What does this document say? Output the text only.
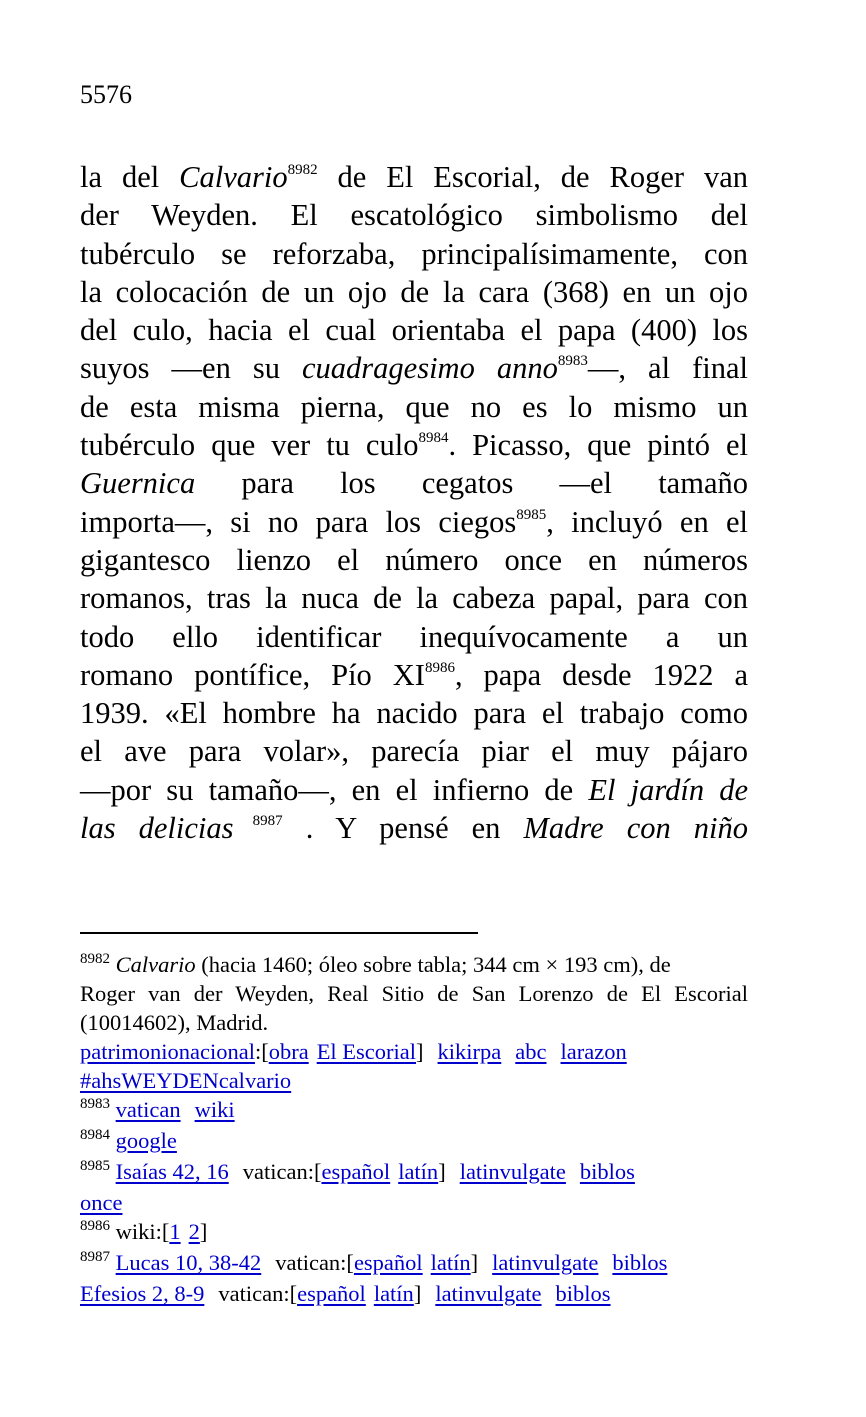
5576
la del Calvario$^{8982}$ de El Escorial, de Roger van
der Weyden. El escatológico simbolismo del
tubérculo se reforzaba, principalísimamente, con
la colocación de un ojo de la cara (368) en un ojo
del culo, hacia el cual orientaba el papa (400) los
suyos —en su cuadragesimo anno$^{8983}$—, al final
de esta misma pierna, que no es lo mismo un
tubérculo que ver tu culo$^{8984}$. Picasso, que pintó el
Guernica para los cegatos —el tamaño
importa—, si no para los ciegos$^{8985}$, incluyó en el
gigantesco lienzo el número once en números
romanos, tras la nuca de la cabeza papal, para con
todo ello identificar inequívocamente a un
romano pontífice, Pío $XI^{8986}$, papa desde 1922 a
1939. «El hombre ha nacido para el trabajo como
el ave para volar», parecía piar el muy pájaro
—por su tamaño—, en el infierno de El jardín de
las delicias $^{8987}$ . Y pensé en Madre con niño
$^{8982}$ Calvario (hacia 1460; óleo sobre tabla; 344 cm × 193 cm), de
Roger van der Weyden, Real Sitio de San Lorenzo de El Escorial
(10014602), Madrid.
patrimonionacional:[obra El Escorial] kikirpa abc larazon
#ahsWEYDENcalvario
$^{8983}$ vatican wiki
$^{8984}$ google
$^{8985}$ Isaías 42, 16 vatican:[español latín] latinvulgate biblos
once
$^{8986}$ wiki:[1 2]
$^{8987}$ Lucas 10, 38-42 vatican:[español latín] latinvulgate biblos
Efesios 2, 8-9 vatican:[español latín] latinvulgate biblos
